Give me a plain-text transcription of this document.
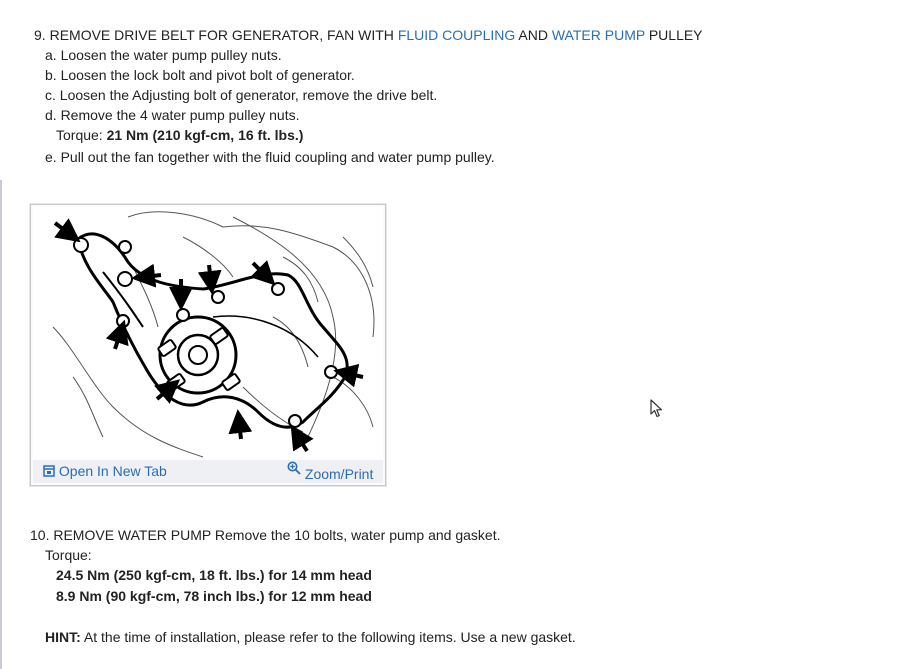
9. REMOVE DRIVE BELT FOR GENERATOR, FAN WITH FLUID COUPLING AND WATER PUMP PULLEY
a. Loosen the water pump pulley nuts.
b. Loosen the lock bolt and pivot bolt of generator.
c. Loosen the Adjusting bolt of generator, remove the drive belt.
d. Remove the 4 water pump pulley nuts.
Torque: 21 Nm (210 kgf-cm, 16 ft. lbs.)
e. Pull out the fan together with the fluid coupling and water pump pulley.
Open In New Tab	Zoom/Print
10. REMOVE WATER PUMP Remove the 10 bolts, water pump and gasket.
Torque:
24.5 Nm (250 kgf-cm, 18 ft. lbs.) for 14 mm head
8.9 Nm (90 kgf-cm, 78 inch lbs.) for 12 mm head
HINT: At the time of installation, please refer to the following items. Use a new gasket.
